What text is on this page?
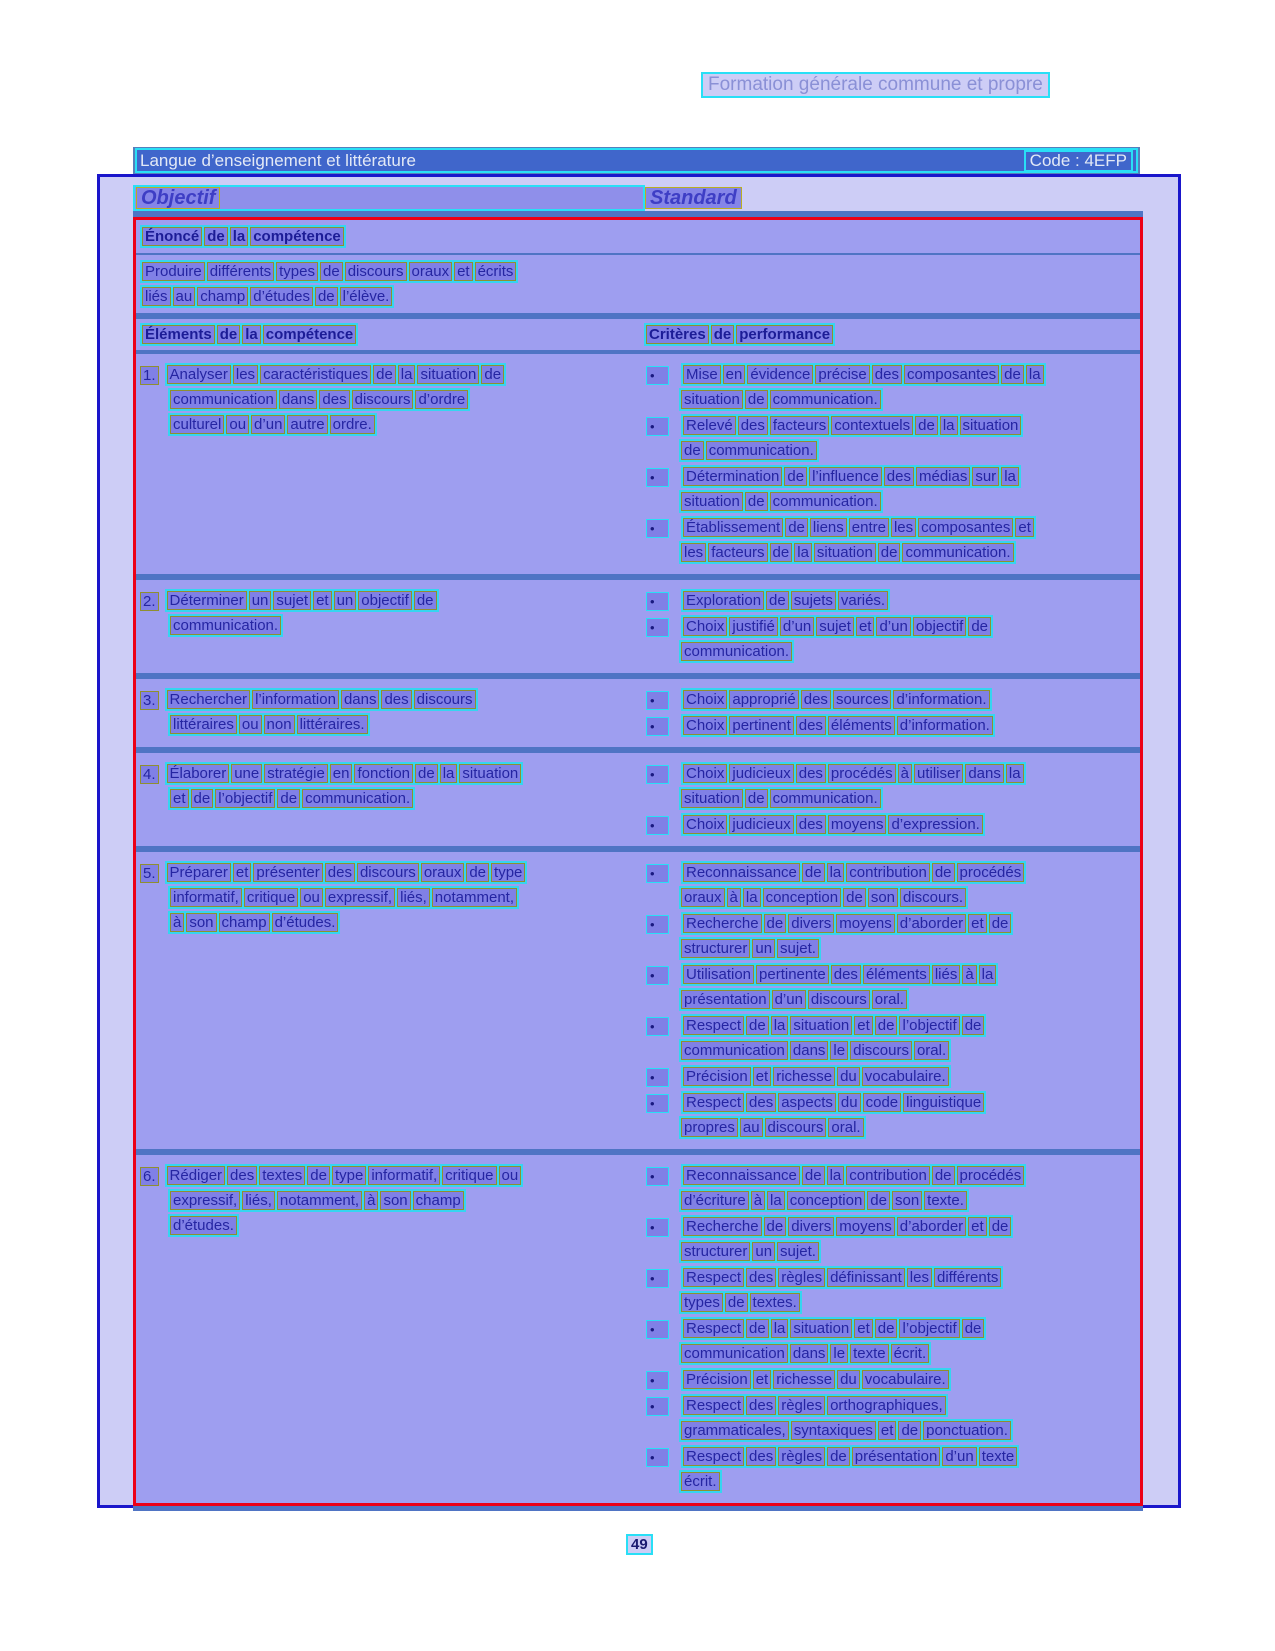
Formation générale commune et propre
Langue d’enseignement et littérature	Code : 4EFP
Objectif	Standard
Énoncé de la compétence
Produire différents types de discours oraux et écrits
liés au champ d’études de l’élève.
Éléments de la compétence	Critères de performance
1. Analyser les caractéristiques de la situation de
communication dans des discours d’ordre
culturel ou d’un autre ordre.
• Mise en évidence précise des composantes de la
situation de communication.
• Relevé des facteurs contextuels de la situation
de communication.
• Détermination de l’influence des médias sur la
situation de communication.
• Établissement de liens entre les composantes et
les facteurs de la situation de communication.
2. Déterminer un sujet et un objectif de
communication.
• Exploration de sujets variés.
• Choix justifié d’un sujet et d’un objectif de
communication.
3. Rechercher l’information dans des discours
littéraires ou non littéraires.
• Choix approprié des sources d’information.
• Choix pertinent des éléments d’information.
4. Élaborer une stratégie en fonction de la situation
et de l’objectif de communication.
• Choix judicieux des procédés à utiliser dans la
situation de communication.
• Choix judicieux des moyens d’expression.
5. Préparer et présenter des discours oraux de type
informatif, critique ou expressif, liés, notamment,
à son champ d’études.
• Reconnaissance de la contribution de procédés
oraux à la conception de son discours.
• Recherche de divers moyens d’aborder et de
structurer un sujet.
• Utilisation pertinente des éléments liés à la
présentation d’un discours oral.
• Respect de la situation et de l’objectif de
communication dans le discours oral.
• Précision et richesse du vocabulaire.
• Respect des aspects du code linguistique
propres au discours oral.
6. Rédiger des textes de type informatif, critique ou
expressif, liés, notamment, à son champ
d’études.
• Reconnaissance de la contribution de procédés
d’écriture à la conception de son texte.
• Recherche de divers moyens d’aborder et de
structurer un sujet.
• Respect des règles définissant les différents
types de textes.
• Respect de la situation et de l’objectif de
communication dans le texte écrit.
• Précision et richesse du vocabulaire.
• Respect des règles orthographiques,
grammaticales, syntaxiques et de ponctuation.
• Respect des règles de présentation d’un texte
écrit.
49
